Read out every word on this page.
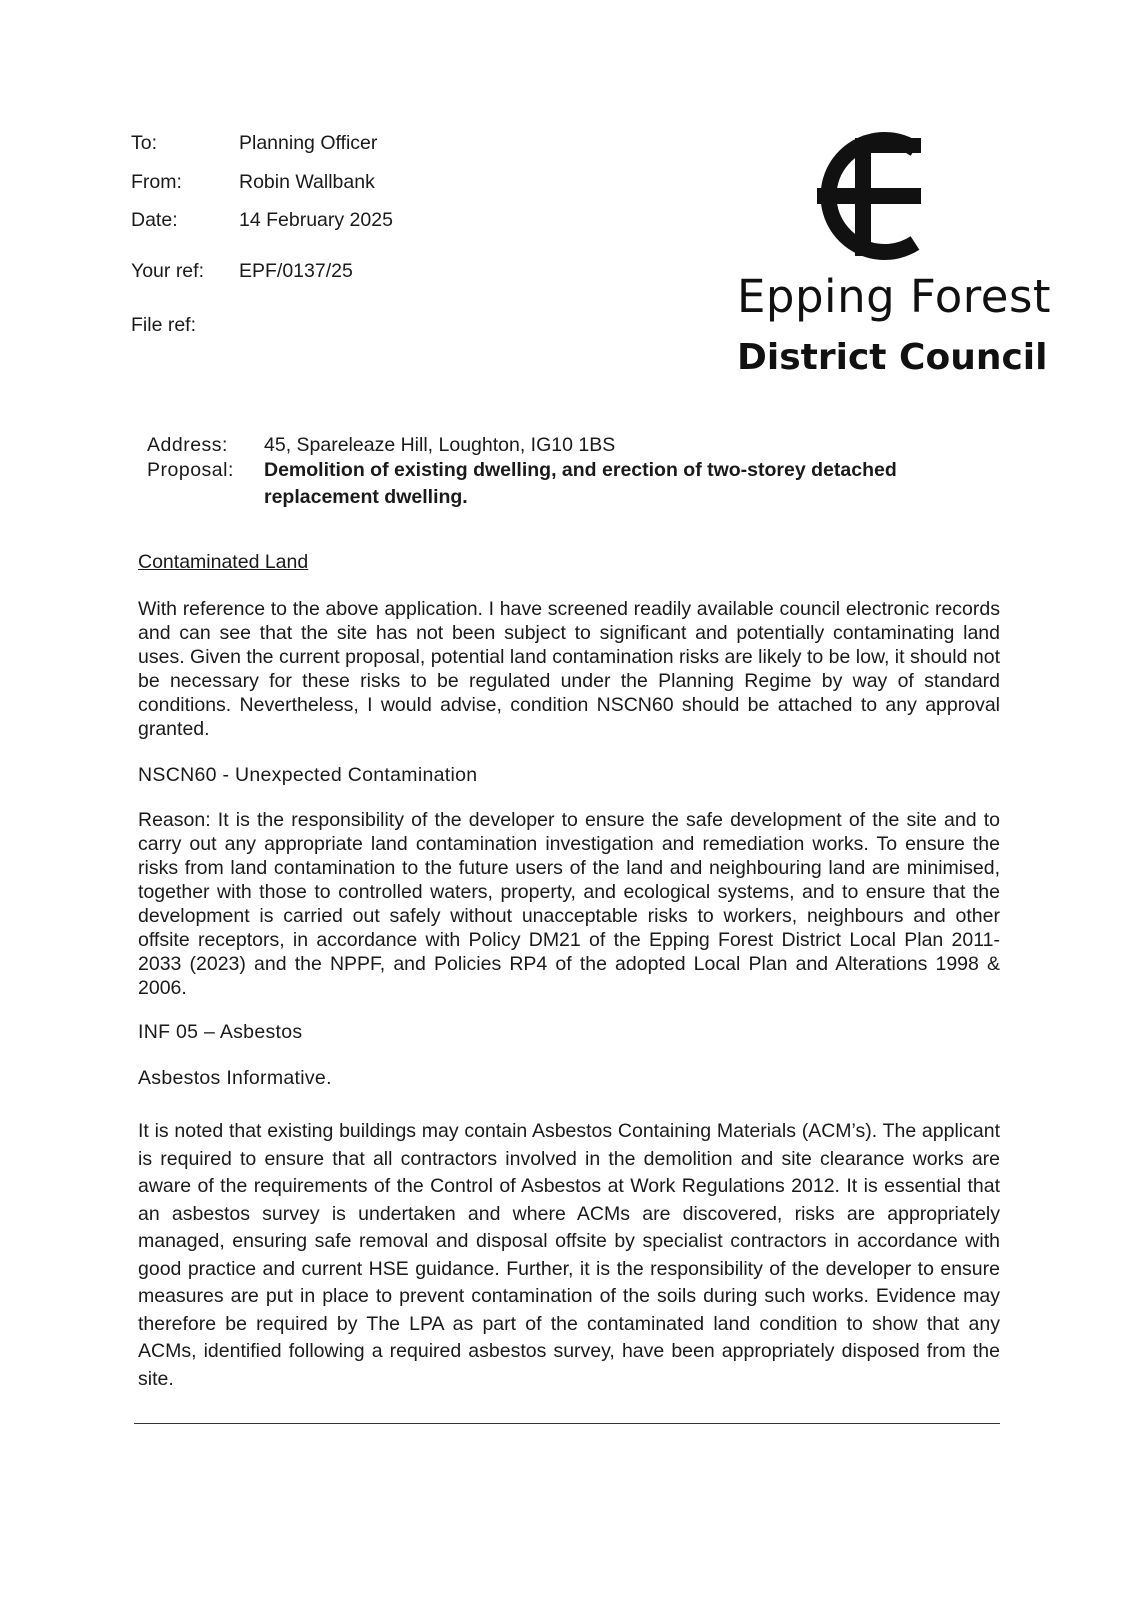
To:	Planning Officer
From:	Robin Wallbank
Date:	14 February 2025
Your ref: EPF/0137/25
File ref:
Epping Forest
District Council
Address: 45, Spareleaze Hill, Loughton, IG10 1BS
Proposal: Demolition of existing dwelling, and erection of two-storey detached
replacement dwelling.
Contaminated Land
With reference to the above application. I have screened readily available council electronic records and can see that the site has not been subject to significant and potentially contaminating land uses. Given the current proposal, potential land contamination risks are likely to be low, it should not be necessary for these risks to be regulated under the Planning Regime by way of standard conditions. Nevertheless, I would advise, condition NSCN60 should be attached to any approval granted.
NSCN60 - Unexpected Contamination
Reason: It is the responsibility of the developer to ensure the safe development of the site and to carry out any appropriate land contamination investigation and remediation works. To ensure the risks from land contamination to the future users of the land and neighbouring land are minimised, together with those to controlled waters, property, and ecological systems, and to ensure that the development is carried out safely without unacceptable risks to workers, neighbours and other offsite receptors, in accordance with Policy DM21 of the Epping Forest District Local Plan 2011-2033 (2023) and the NPPF, and Policies RP4 of the adopted Local Plan and Alterations 1998 & 2006.
INF 05 – Asbestos
Asbestos Informative.
It is noted that existing buildings may contain Asbestos Containing Materials (ACM’s). The applicant is required to ensure that all contractors involved in the demolition and site clearance works are aware of the requirements of the Control of Asbestos at Work Regulations 2012. It is essential that an asbestos survey is undertaken and where ACMs are discovered, risks are appropriately managed, ensuring safe removal and disposal offsite by specialist contractors in accordance with good practice and current HSE guidance. Further, it is the responsibility of the developer to ensure measures are put in place to prevent contamination of the soils during such works. Evidence may therefore be required by The LPA as part of the contaminated land condition to show that any ACMs, identified following a required asbestos survey, have been appropriately disposed from the site.
